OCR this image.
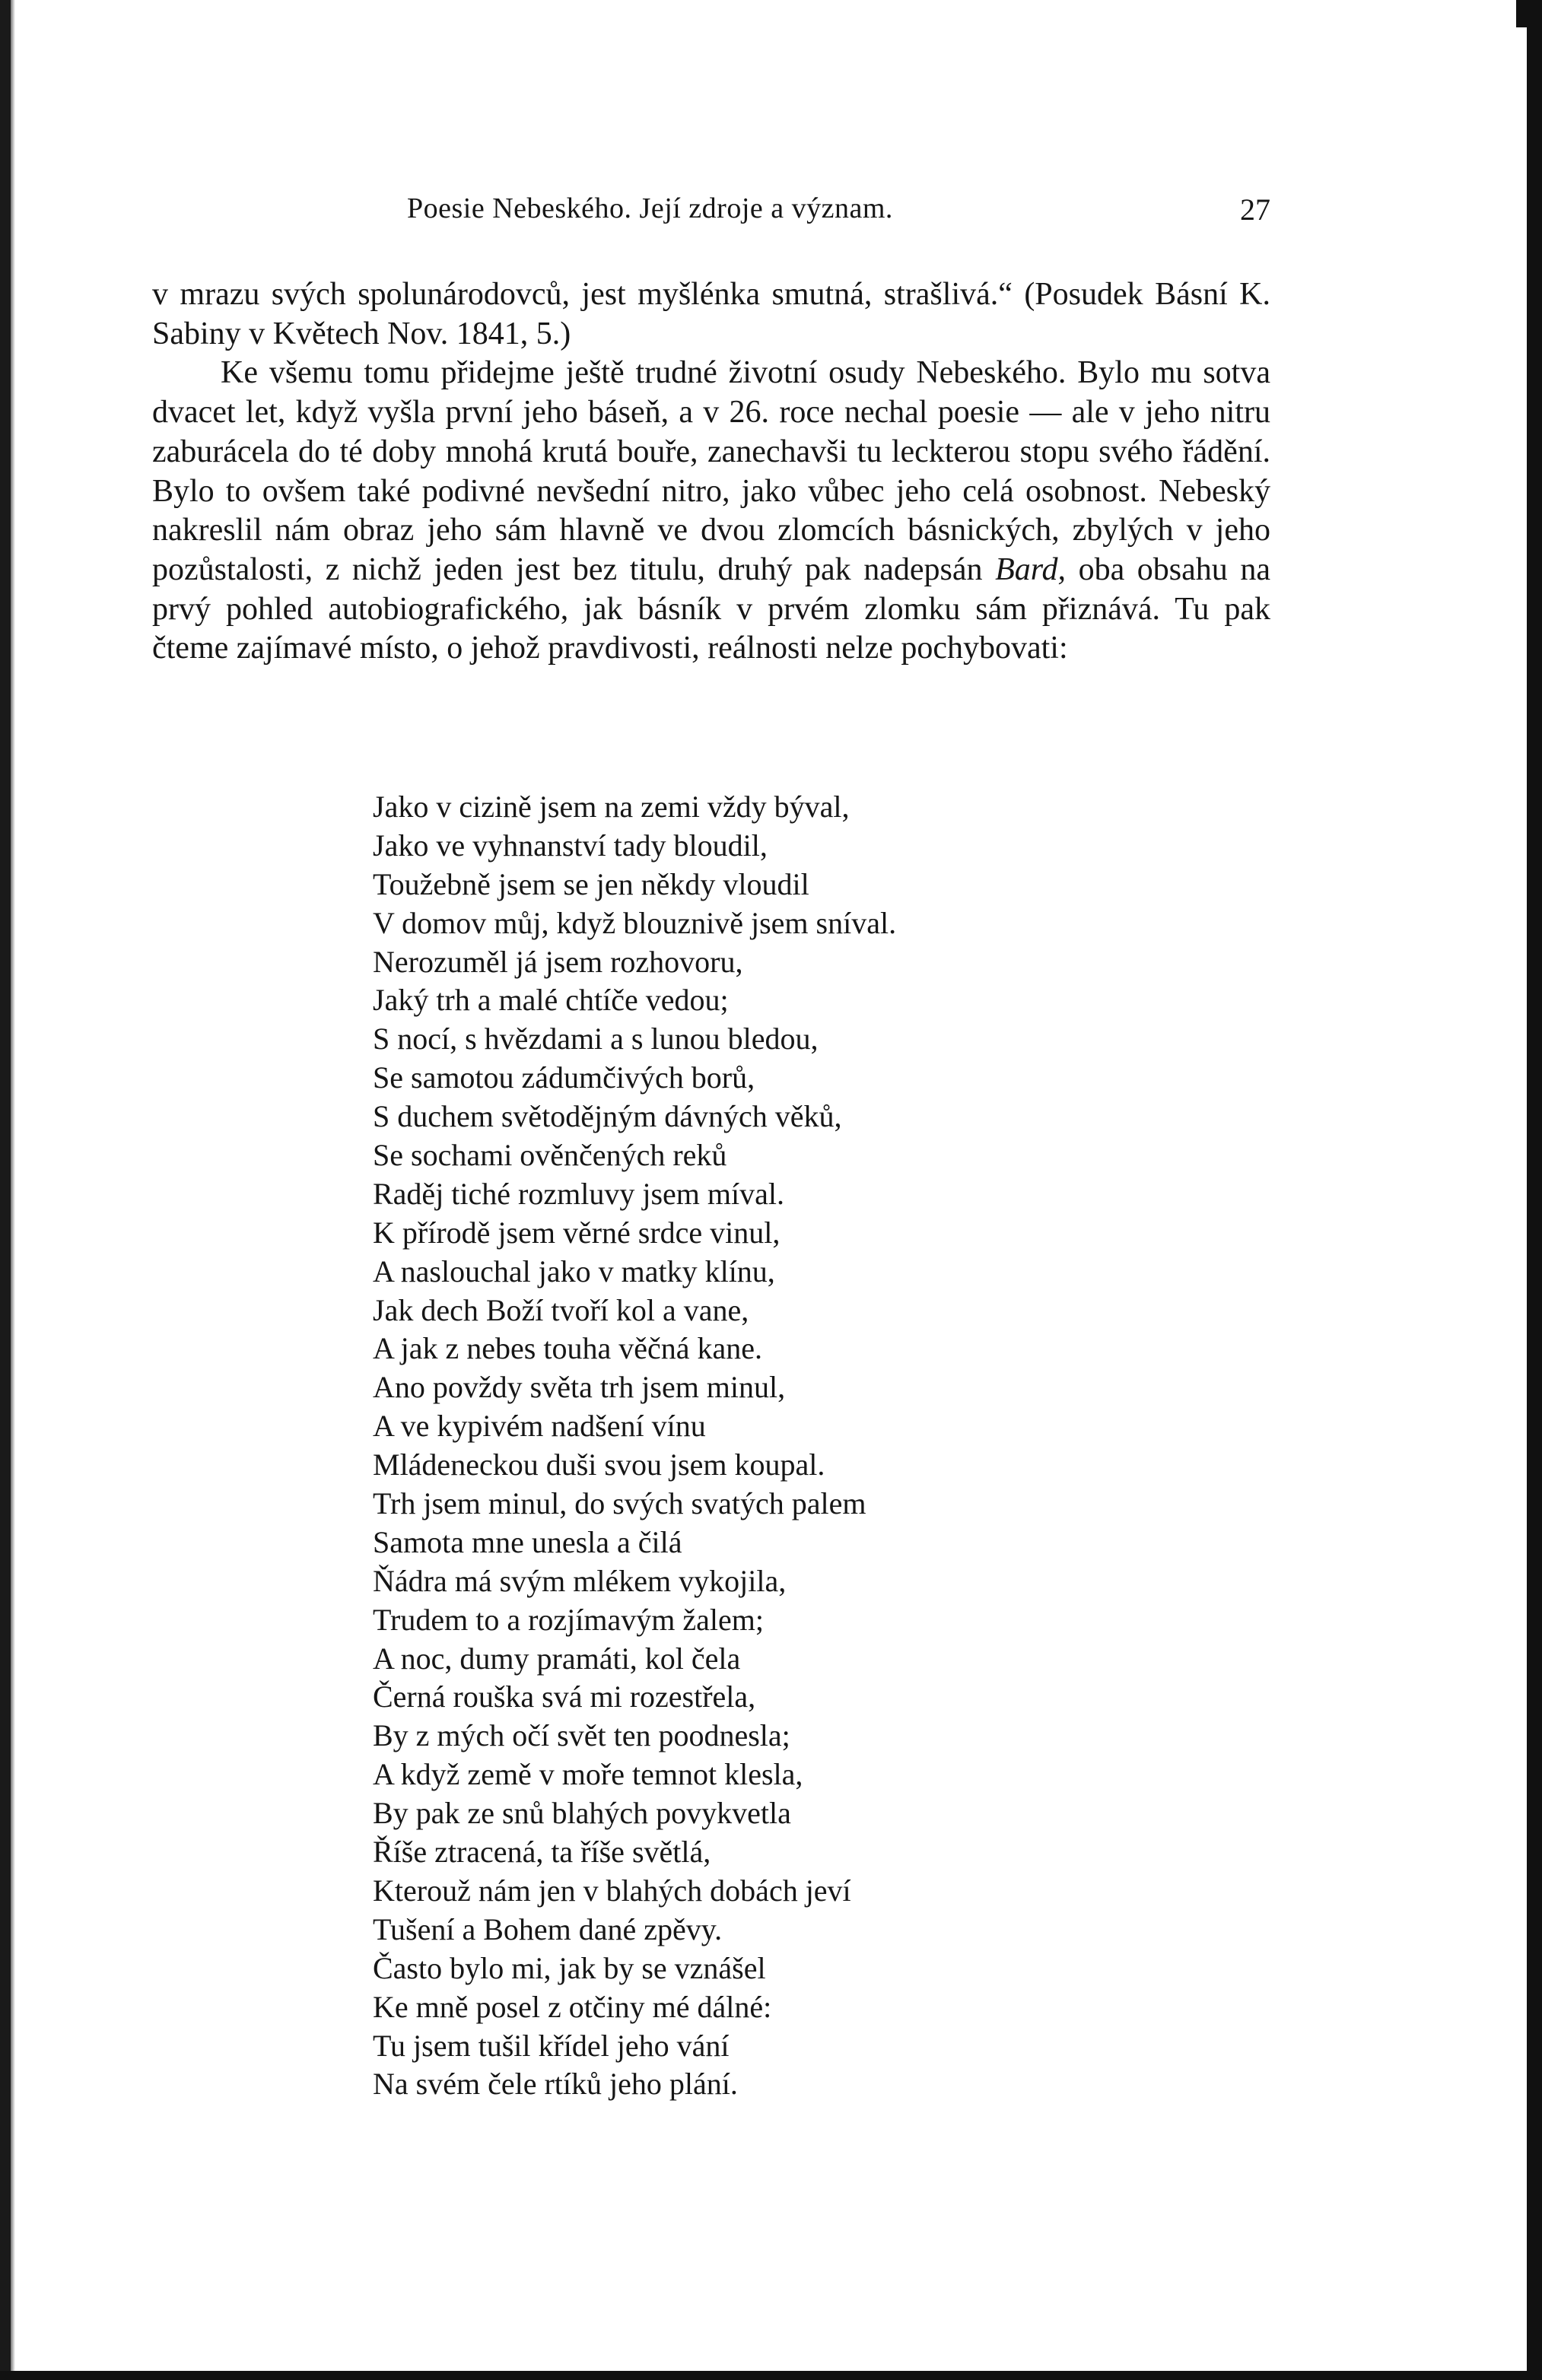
Poesie Nebeského. Její zdroje a význam.	27

v mrazu svých spolunárodovců, jest myšlénka smutná, strašlivá.“ (Posudek Básní K. Sabiny v Květech Nov. 1841, 5.)

Ke všemu tomu přidejme ještě trudné životní osudy Nebeského. Bylo mu sotva dvacet let, když vyšla první jeho báseň, a v 26. roce nechal poesie — ale v jeho nitru zaburácela do té doby mnohá krutá bouře, zanechavši tu leckterou stopu svého řádění. Bylo to ovšem také podivné nevšední nitro, jako vůbec jeho celá osobnost. Nebeský nakreslil nám obraz jeho sám hlavně ve dvou zlomcích básnických, zbylých v jeho pozůstalosti, z nichž jeden jest bez titulu, druhý pak nadepsán Bard, oba obsahu na prvý pohled autobiografického, jak básník v prvém zlomku sám přiznává. Tu pak čteme zajímavé místo, o jehož pravdivosti, reálnosti nelze pochybovati:

Jako v cizině jsem na zemi vždy býval,
Jako ve vyhnanství tady bloudil,
Toužebně jsem se jen někdy vloudil
V domov můj, když blouznivě jsem sníval.
Nerozuměl já jsem rozhovoru,
Jaký trh a malé chtíče vedou;
S nocí, s hvězdami a s lunou bledou,
Se samotou zádumčivých borů,
S duchem světodějným dávných věků,
Se sochami ověnčených reků
Raděj tiché rozmluvy jsem míval.
K přírodě jsem věrné srdce vinul,
A naslouchal jako v matky klínu,
Jak dech Boží tvoří kol a vane,
A jak z nebes touha věčná kane.
Ano povždy světa trh jsem minul,
A ve kypivém nadšení vínu
Mládeneckou duši svou jsem koupal.
Trh jsem minul, do svých svatých palem
Samota mne unesla a čilá
Ňádra má svým mlékem vykojila,
Trudem to a rozjímavým žalem;
A noc, dumy pramáti, kol čela
Černá rouška svá mi rozestřela,
By z mých očí svět ten poodnesla;
A když země v moře temnot klesla,
By pak ze snů blahých povykvetla
Říše ztracená, ta říše světlá,
Kterouž nám jen v blahých dobách jeví
Tušení a Bohem dané zpěvy.
Často bylo mi, jak by se vznášel
Ke mně posel z otčiny mé dálné:
Tu jsem tušil křídel jeho vání
Na svém čele rtíků jeho plání.
